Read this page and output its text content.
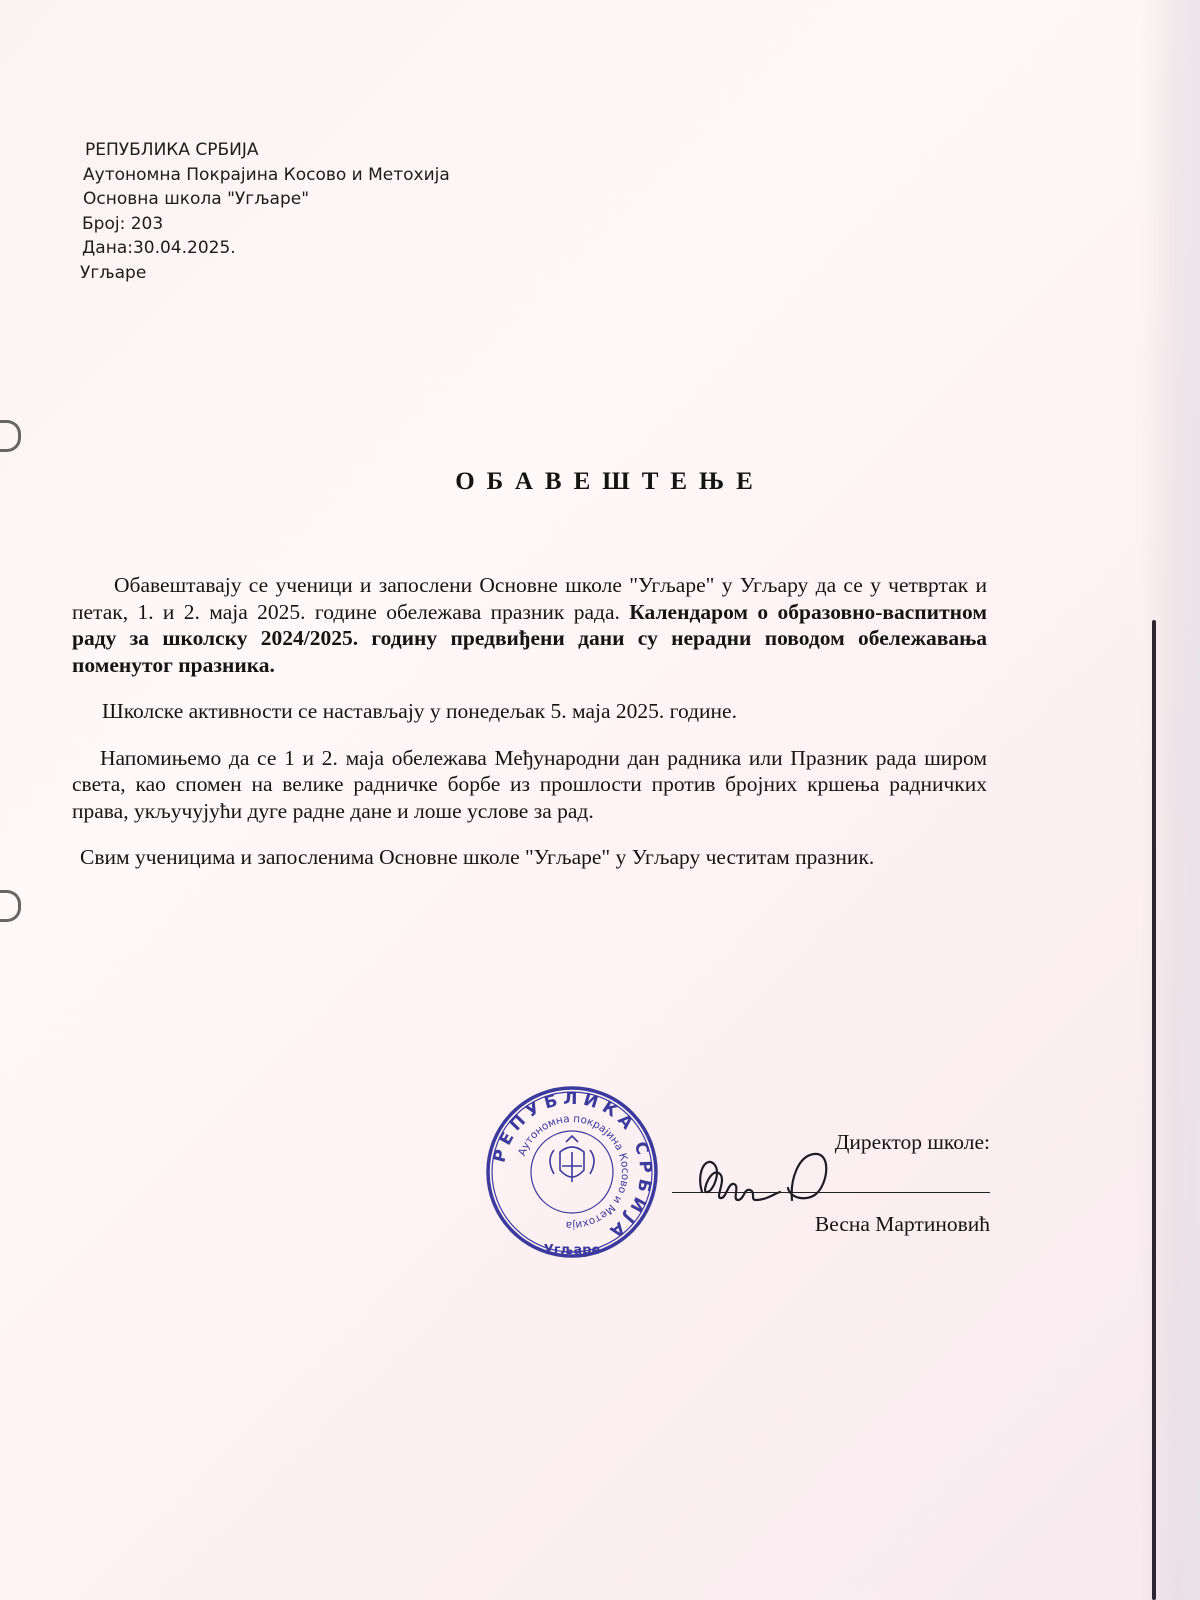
РЕПУБЛИКА СРБИЈА
Аутономна Покрајина Косово и Метохија
Основна школа "Угљаре"
Број: 203
Дана:30.04.2025.
Угљаре
ОБАВЕШТЕЊЕ

Обавештавају се ученици и запослени Основне школе "Угљаре" у Угљару да се у четвртак и петак, 1. и 2. маја 2025. године обележава празник рада. Календаром о образовно-васпитном раду за школску 2024/2025. годину предвиђени дани су нерадни поводом обележавања поменутог празника.

Школске активности се настављају у понедељак 5. маја 2025. године.

Напомињемо да се 1 и 2. маја обележава Међународни дан радника или Празник рада широм света, као спомен на велике радничке борбе из прошлости против бројних кршења радничких права, укључујући дуге радне дане и лоше услове за рад.

Свим ученицима и запосленима Основне школе "Угљаре" у Угљару честитам празник.

РЕПУБЛИКА СРБИЈА
Аутономна покрајина Косово и Метохија
Угљаре
Директор школе:
Весна Мартиновић
